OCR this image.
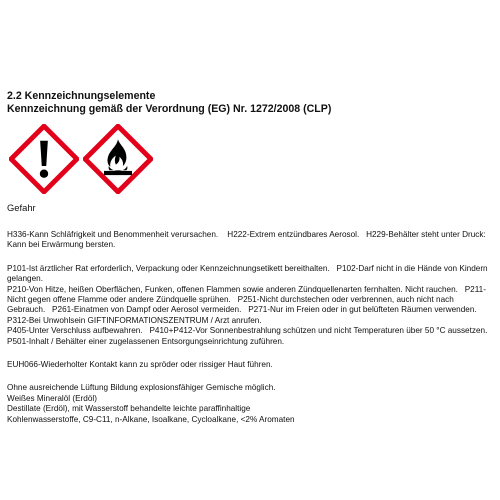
2.2 Kennzeichnungselemente

Kennzeichnung gemäß der Verordnung (EG) Nr. 1272/2008 (CLP)

Gefahr

H336-Kann Schläfrigkeit und Benommenheit verursachen.    H222-Extrem entzündbares Aerosol.   H229-Behälter steht unter Druck:

Kann bei Erwärmung bersten.

P101-Ist ärztlicher Rat erforderlich, Verpackung oder Kennzeichnungsetikett bereithalten.   P102-Darf nicht in die Hände von Kindern

gelangen.

P210-Von Hitze, heißen Oberflächen, Funken, offenen Flammen sowie anderen Zündquellenarten fernhalten. Nicht rauchen.   P211-

Nicht gegen offene Flamme oder andere Zündquelle sprühen.   P251-Nicht durchstechen oder verbrennen, auch nicht nach

Gebrauch.   P261-Einatmen von Dampf oder Aerosol vermeiden.   P271-Nur im Freien oder in gut belüfteten Räumen verwenden.

P312-Bei Unwohlsein GIFTINFORMATIONSZENTRUM / Arzt anrufen.

P405-Unter Verschluss aufbewahren.   P410+P412-Vor Sonnenbestrahlung schützen und nicht Temperaturen über 50 °C aussetzen.

P501-Inhalt / Behälter einer zugelassenen Entsorgungseinrichtung zuführen.

EUH066-Wiederholter Kontakt kann zu spröder oder rissiger Haut führen.

Ohne ausreichende Lüftung Bildung explosionsfähiger Gemische möglich.

Weißes Mineralöl (Erdöl)

Destillate (Erdöl), mit Wasserstoff behandelte leichte paraffinhaltige

Kohlenwasserstoffe, C9-C11, n-Alkane, Isoalkane, Cycloalkane, <2% Aromaten
